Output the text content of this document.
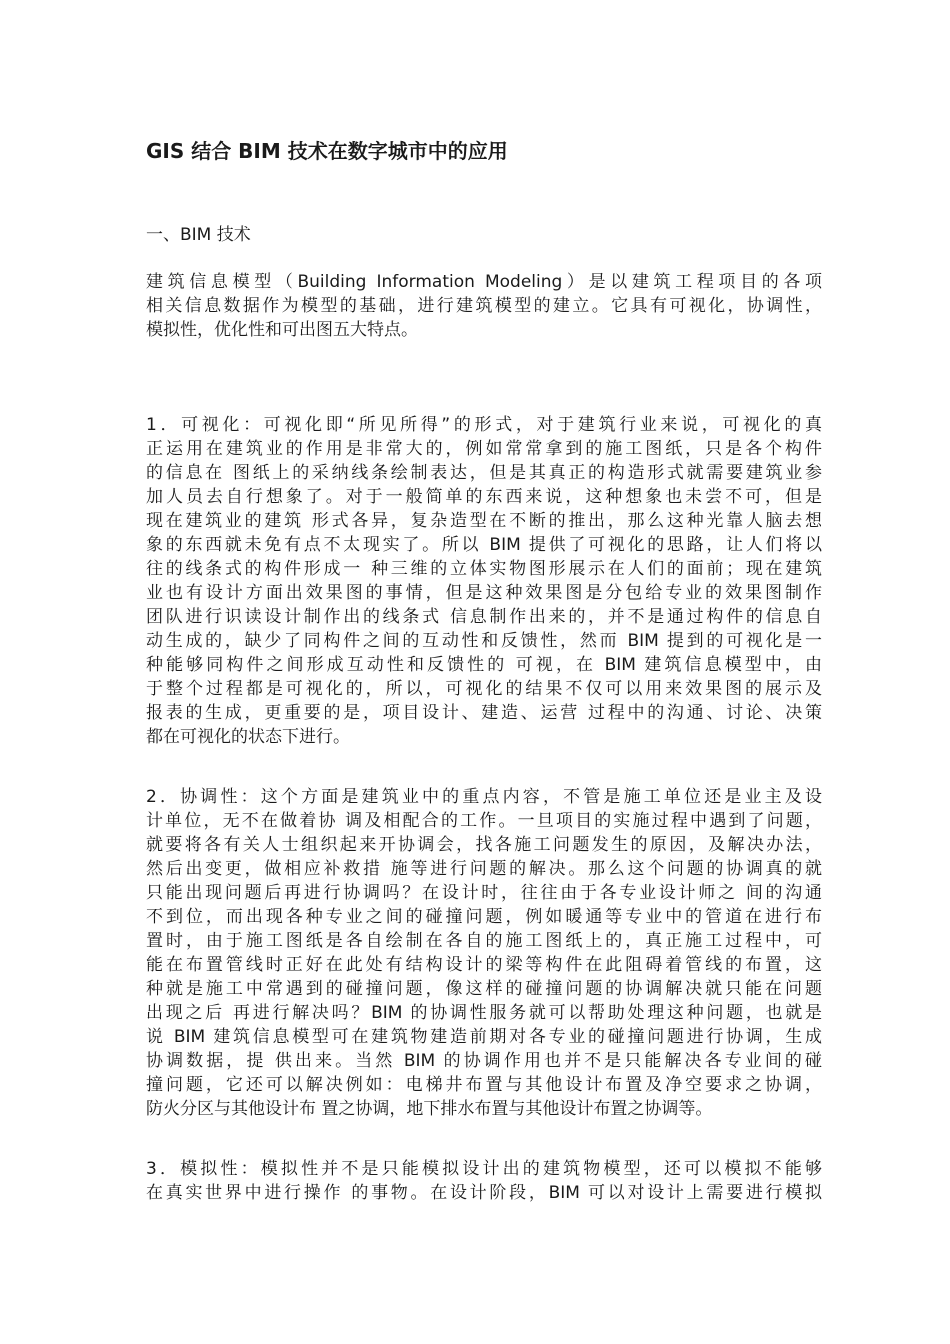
GIS 结合 BIM 技术在数字城市中的应用

一、BIM 技术

建筑信息模型（Building Information Modeling）是以建筑工程项目的各项
相关信息数据作为模型的基础，进行建筑模型的建立。它具有可视化，协调性，
模拟性，优化性和可出图五大特点。
1．可视化：可视化即“所见所得”的形式，对于建筑行业来说，可视化的真
正运用在建筑业的作用是非常大的，例如常常拿到的施工图纸，只是各个构件
的信息在 图纸上的采纳线条绘制表达，但是其真正的构造形式就需要建筑业参
加人员去自行想象了。对于一般简单的东西来说，这种想象也未尝不可，但是
现在建筑业的建筑 形式各异，复杂造型在不断的推出，那么这种光靠人脑去想
象的东西就未免有点不太现实了。所以 BIM 提供了可视化的思路，让人们将以
往的线条式的构件形成一 种三维的立体实物图形展示在人们的面前；现在建筑
业也有设计方面出效果图的事情，但是这种效果图是分包给专业的效果图制作
团队进行识读设计制作出的线条式 信息制作出来的，并不是通过构件的信息自
动生成的，缺少了同构件之间的互动性和反馈性，然而 BIM 提到的可视化是一
种能够同构件之间形成互动性和反馈性的 可视，在 BIM 建筑信息模型中，由
于整个过程都是可视化的，所以，可视化的结果不仅可以用来效果图的展示及
报表的生成，更重要的是，项目设计、建造、运营 过程中的沟通、讨论、决策
都在可视化的状态下进行。
2．协调性：这个方面是建筑业中的重点内容，不管是施工单位还是业主及设
计单位，无不在做着协 调及相配合的工作。一旦项目的实施过程中遇到了问题，
就要将各有关人士组织起来开协调会，找各施工问题发生的原因，及解决办法，
然后出变更，做相应补救措 施等进行问题的解决。那么这个问题的协调真的就
只能出现问题后再进行协调吗？在设计时，往往由于各专业设计师之 间的沟通
不到位，而出现各种专业之间的碰撞问题，例如暖通等专业中的管道在进行布
置时，由于施工图纸是各自绘制在各自的施工图纸上的，真正施工过程中，可
能在布置管线时正好在此处有结构设计的梁等构件在此阻碍着管线的布置，这
种就是施工中常遇到的碰撞问题，像这样的碰撞问题的协调解决就只能在问题
出现之后 再进行解决吗？BIM 的协调性服务就可以帮助处理这种问题，也就是
说 BIM 建筑信息模型可在建筑物建造前期对各专业的碰撞问题进行协调，生成
协调数据，提 供出来。当然 BIM 的协调作用也并不是只能解决各专业间的碰
撞问题，它还可以解决例如：电梯井布置与其他设计布置及净空要求之协调，
防火分区与其他设计布 置之协调，地下排水布置与其他设计布置之协调等。
3．模拟性：模拟性并不是只能模拟设计出的建筑物模型，还可以模拟不能够
在真实世界中进行操作 的事物。在设计阶段，BIM 可以对设计上需要进行模拟
